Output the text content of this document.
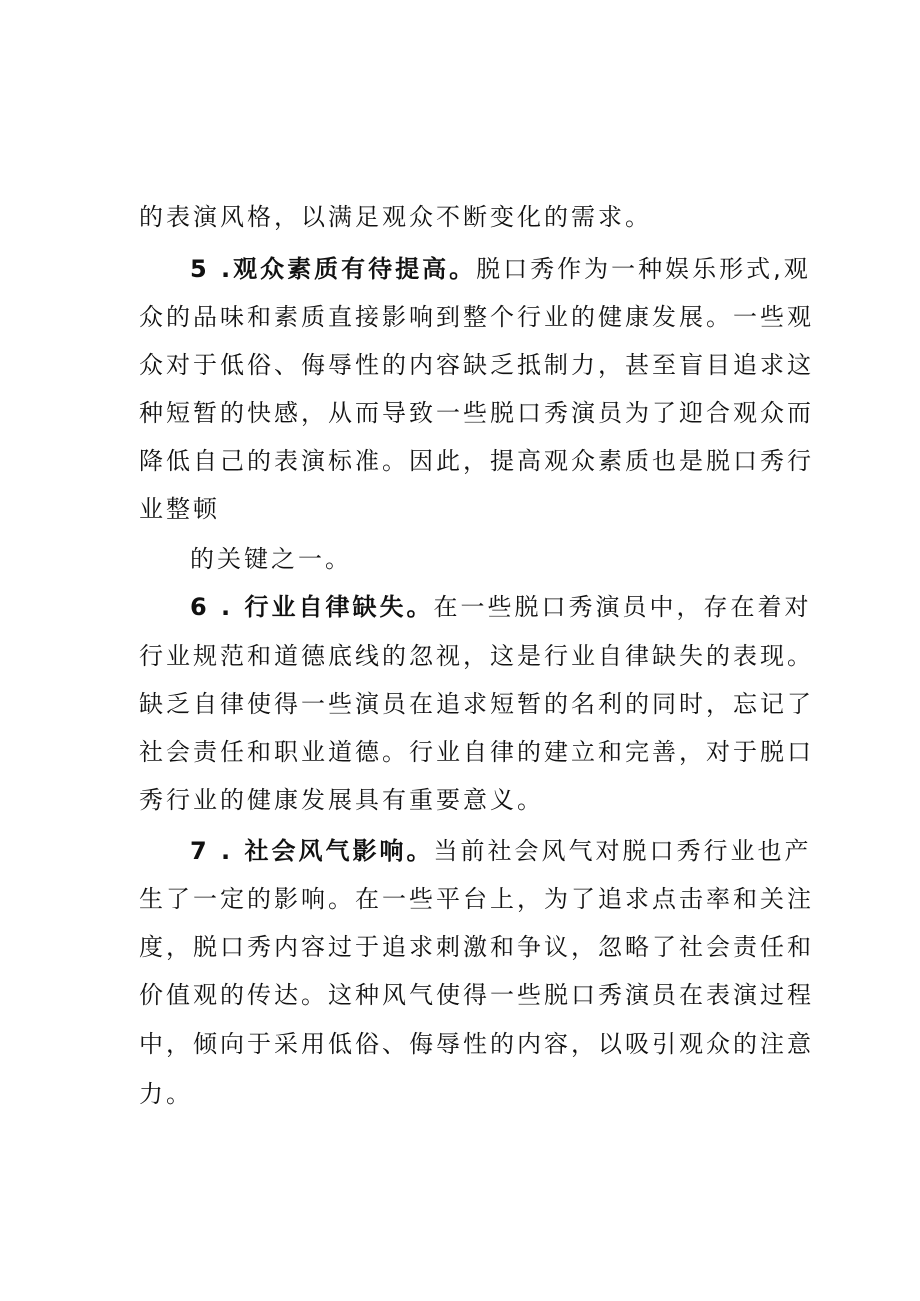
的表演风格，以满足观众不断变化的需求。

5 .观众素质有待提高。脱口秀作为一种娱乐形式,观

众的品味和素质直接影响到整个行业的健康发展。一些观

众对于低俗、侮辱性的内容缺乏抵制力，甚至盲目追求这

种短暂的快感，从而导致一些脱口秀演员为了迎合观众而

降低自己的表演标准。因此，提高观众素质也是脱口秀行

业整顿

的关键之一。

6 . 行业自律缺失。在一些脱口秀演员中，存在着对

行业规范和道德底线的忽视，这是行业自律缺失的表现。

缺乏自律使得一些演员在追求短暂的名利的同时，忘记了

社会责任和职业道德。行业自律的建立和完善，对于脱口

秀行业的健康发展具有重要意义。

7 . 社会风气影响。当前社会风气对脱口秀行业也产

生了一定的影响。在一些平台上，为了追求点击率和关注

度，脱口秀内容过于追求刺激和争议，忽略了社会责任和

价值观的传达。这种风气使得一些脱口秀演员在表演过程

中，倾向于采用低俗、侮辱性的内容，以吸引观众的注意

力。
